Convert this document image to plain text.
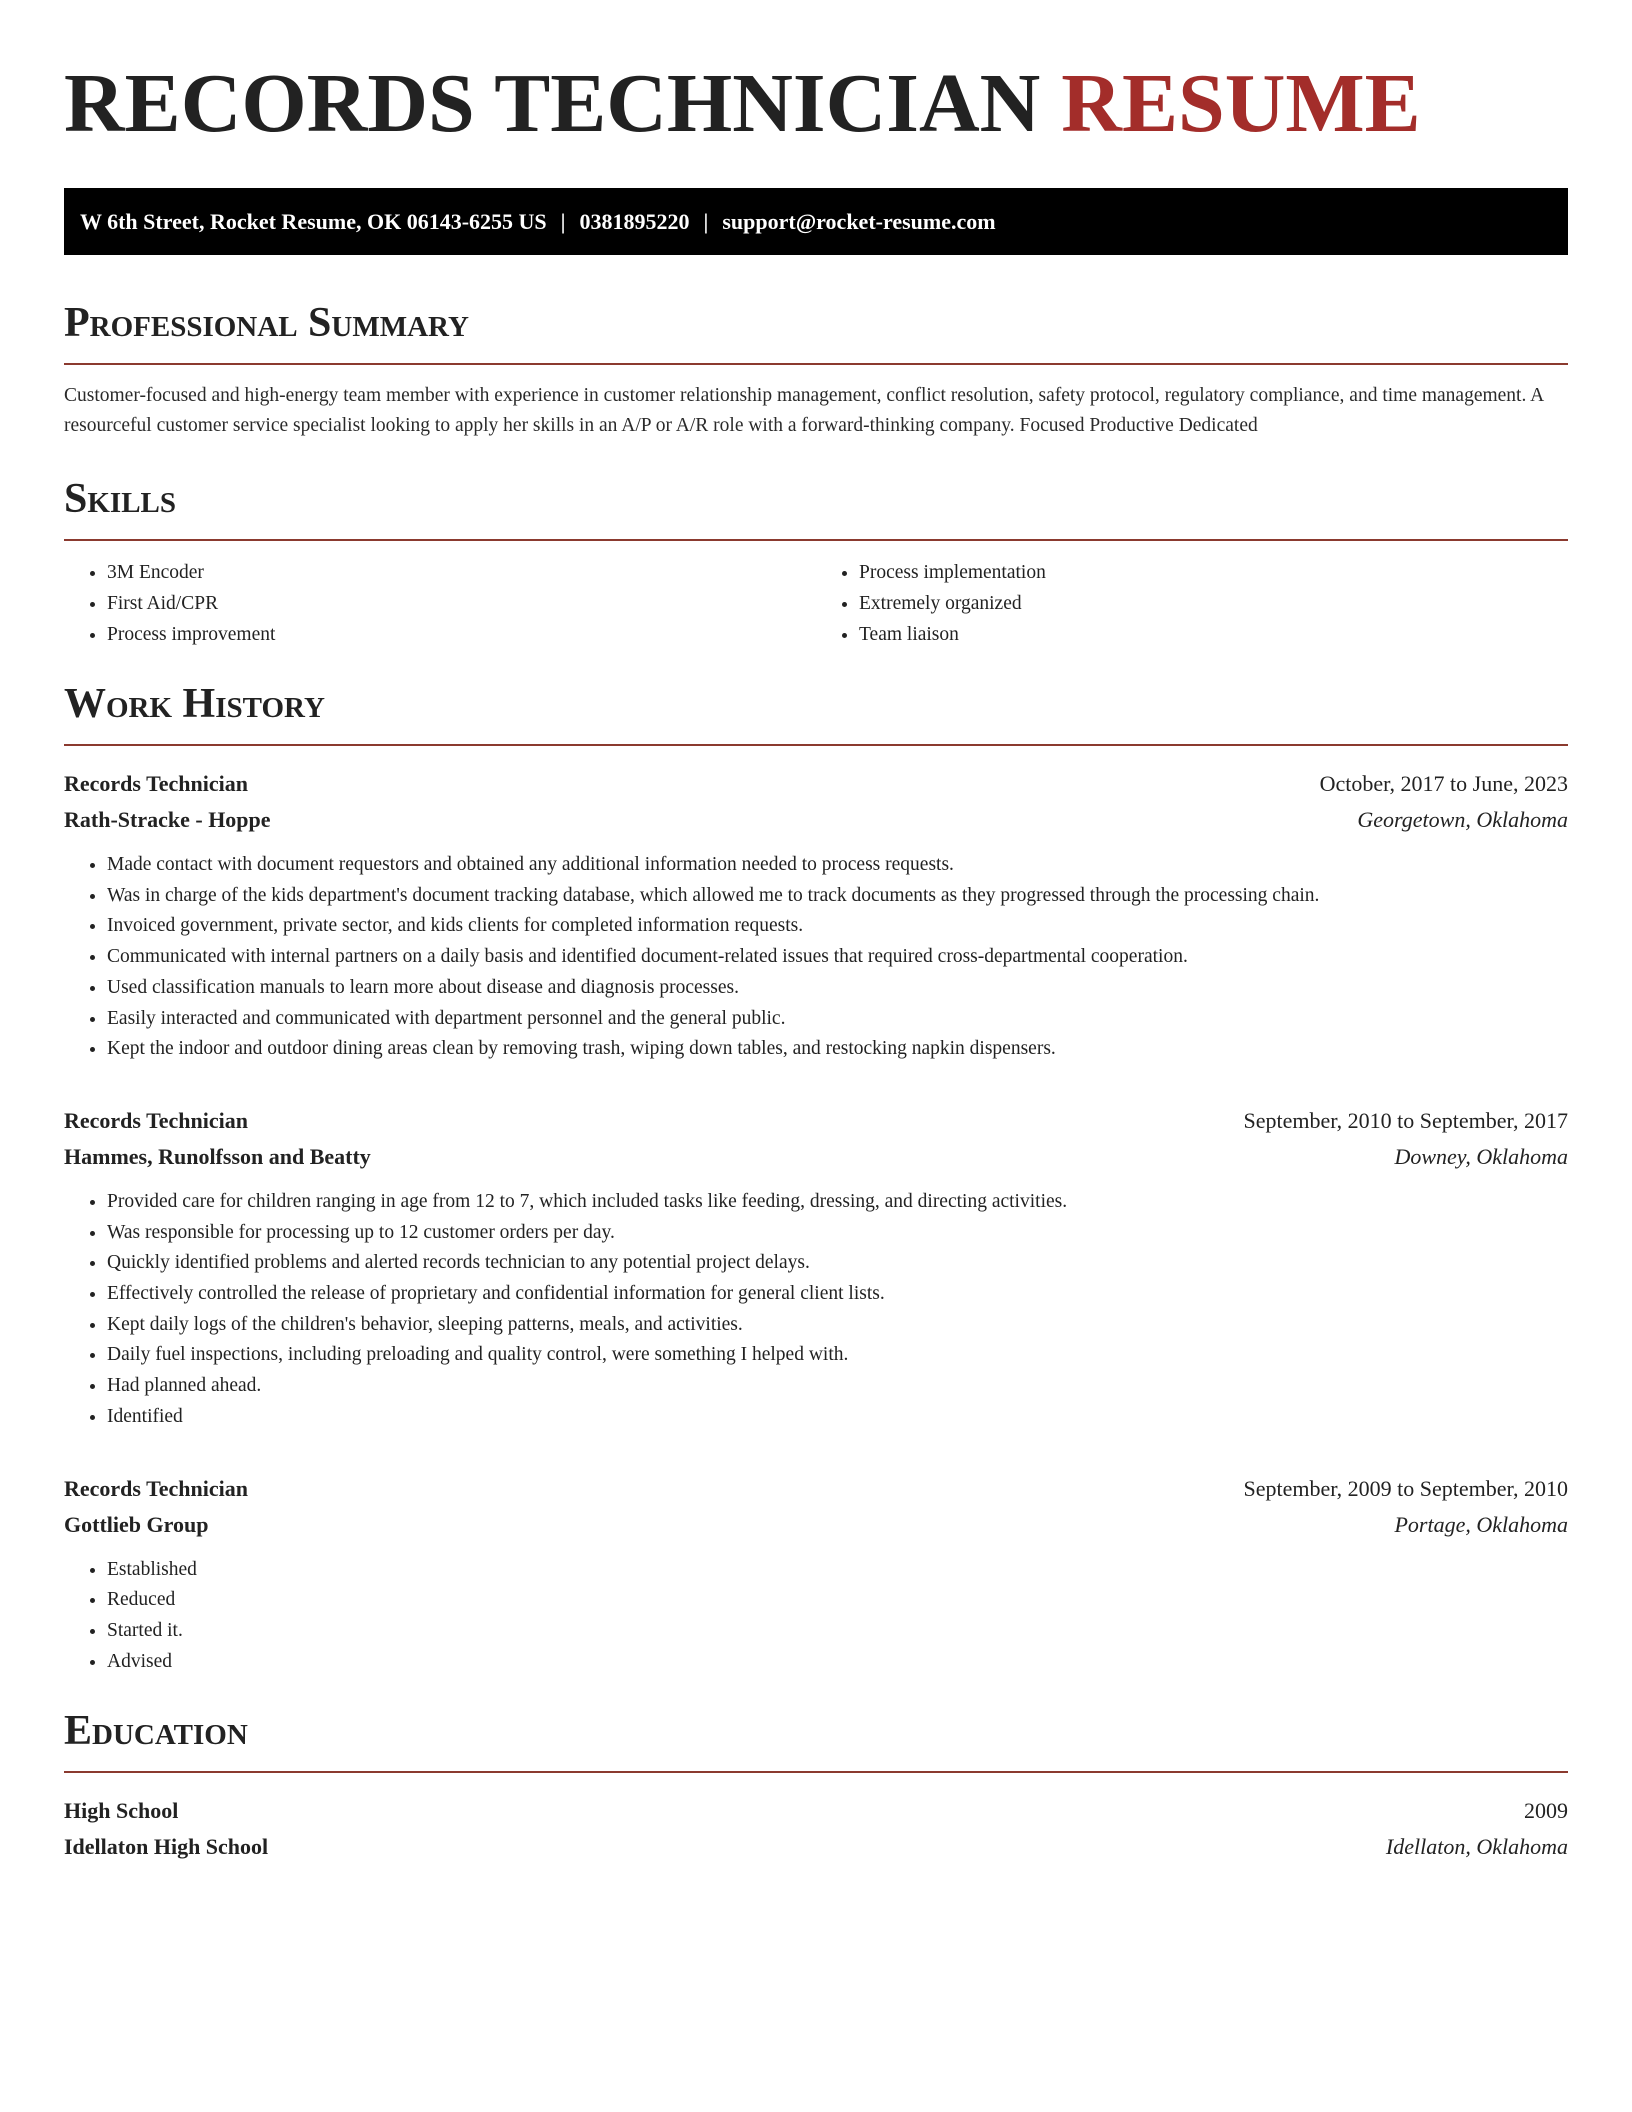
RECORDS TECHNICIAN RESUME
W 6th Street, Rocket Resume, OK 06143-6255 US | 0381895220 | support@rocket-resume.com
Professional Summary

Customer-focused and high-energy team member with experience in customer relationship management, conflict resolution, safety protocol, regulatory compliance, and time management. A resourceful customer service specialist looking to apply her skills in an A/P or A/R role with a forward-thinking company. Focused Productive Dedicated

Skills
• 3M Encoder
• First Aid/CPR
• Process improvement
• Process implementation
• Extremely organized
• Team liaison
Work History
Records Technician	October, 2017 to June, 2023
Rath-Stracke - Hoppe	Georgetown, Oklahoma
• Made contact with document requestors and obtained any additional information needed to process requests.
• Was in charge of the kids department's document tracking database, which allowed me to track documents as they progressed through the processing chain.
• Invoiced government, private sector, and kids clients for completed information requests.
• Communicated with internal partners on a daily basis and identified document-related issues that required cross-departmental cooperation.
• Used classification manuals to learn more about disease and diagnosis processes.
• Easily interacted and communicated with department personnel and the general public.
• Kept the indoor and outdoor dining areas clean by removing trash, wiping down tables, and restocking napkin dispensers.
Records Technician	September, 2010 to September, 2017
Hammes, Runolfsson and Beatty	Downey, Oklahoma
• Provided care for children ranging in age from 12 to 7, which included tasks like feeding, dressing, and directing activities.
• Was responsible for processing up to 12 customer orders per day.
• Quickly identified problems and alerted records technician to any potential project delays.
• Effectively controlled the release of proprietary and confidential information for general client lists.
• Kept daily logs of the children's behavior, sleeping patterns, meals, and activities.
• Daily fuel inspections, including preloading and quality control, were something I helped with.
• Had planned ahead.
• Identified
Records Technician	September, 2009 to September, 2010
Gottlieb Group	Portage, Oklahoma
• Established
• Reduced
• Started it.
• Advised
Education
High School	2009
Idellaton High School	Idellaton, Oklahoma
